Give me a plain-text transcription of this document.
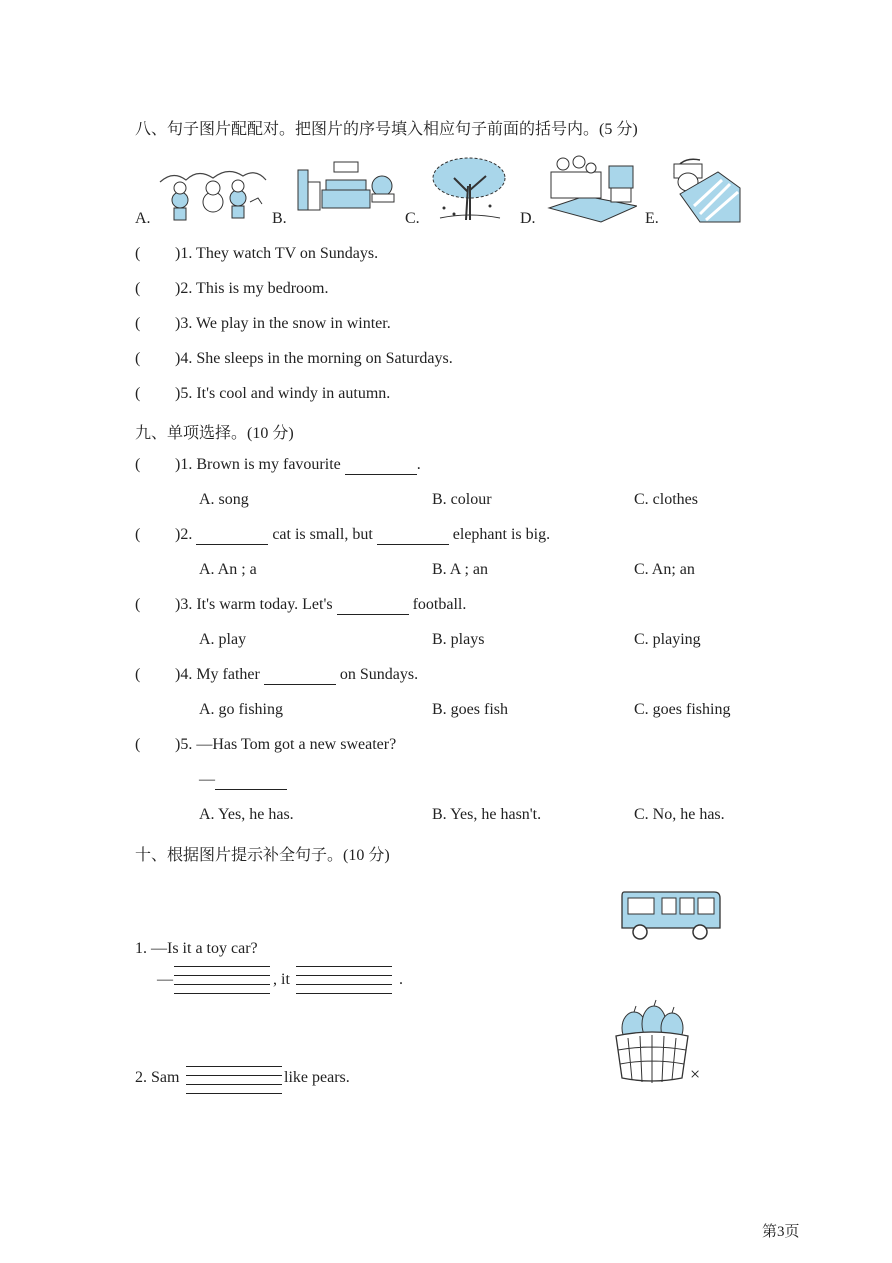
八、句子图片配配对。把图片的序号填入相应句子前面的括号内。(5 分)
A.	B.	C.	D.	E.
( )1. They watch TV on Sundays.
( )2. This is my bedroom.
( )3. We play in the snow in winter.
( )4. She sleeps in the morning on Saturdays.
( )5. It's cool and windy in autumn.
九、单项选择。(10 分)
( )1. Brown is my favourite	.
A. song	B. colour	C. clothes
( )2.	cat is small, but	elephant is big.
A. An ; a	B. A ; an	C. An; an
( )3. It's warm today. Let's	football.
A. play	B. plays	C. playing
( )4. My father	on Sundays.
A. go fishing	B. goes fish	C. goes fishing
( )5. —Has Tom got a new sweater?
—
A. Yes, he has.	B. Yes, he hasn't.	C. No, he has.
十、根据图片提示补全句子。(10 分)
1. —Is it a toy car?
—	, it	.
×
2. Sam	like pears.
第3页
